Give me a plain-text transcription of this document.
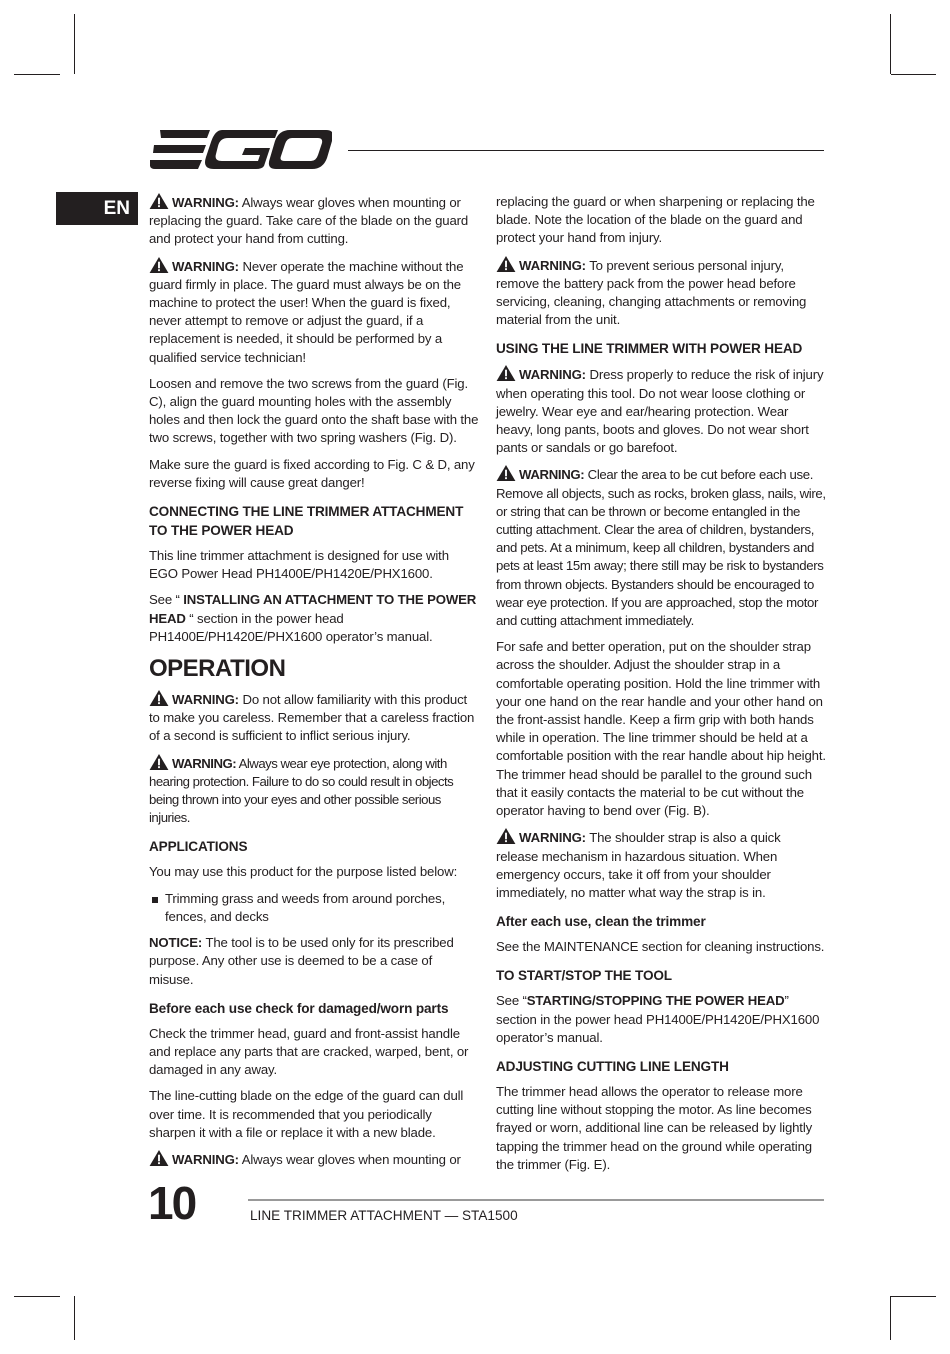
EN	WARNING: Always wear gloves when mounting or replacing the guard. Take care of the blade on the guard and protect your hand from cutting.

WARNING: Never operate the machine without the guard firmly in place. The guard must always be on the machine to protect the user! When the guard is fixed, never attempt to remove or adjust the guard, if a replacement is needed, it should be performed by a qualified service technician!

Loosen and remove the two screws from the guard (Fig. C), align the guard mounting holes with the assembly holes and then lock the guard onto the shaft base with the two screws, together with two spring washers (Fig. D).

Make sure the guard is fixed according to Fig. C & D, any reverse fixing will cause great danger!

CONNECTING THE LINE TRIMMER ATTACHMENT TO THE POWER HEAD

This line trimmer attachment is designed for use with EGO Power Head PH1400E/PH1420E/PHX1600.

See “ INSTALLING AN ATTACHMENT TO THE POWER HEAD “ section in the power head PH1400E/PH1420E/PHX1600 operator’s manual.

OPERATION

WARNING: Do not allow familiarity with this product to make you careless. Remember that a careless fraction of a second is sufficient to inflict serious injury.

WARNING: Always wear eye protection, along with hearing protection. Failure to do so could result in objects being thrown into your eyes and other possible serious injuries.

APPLICATIONS

You may use this product for the purpose listed below:

Trimming grass and weeds from around porches, fences, and decks

NOTICE: The tool is to be used only for its prescribed purpose. Any other use is deemed to be a case of misuse.

Before each use check for damaged/worn parts

Check the trimmer head, guard and front-assist handle and replace any parts that are cracked, warped, bent, or damaged in any away.

The line-cutting blade on the edge of the guard can dull over time. It is recommended that you periodically sharpen it with a file or replace it with a new blade.

WARNING: Always wear gloves when mounting or

replacing the guard or when sharpening or replacing the blade. Note the location of the blade on the guard and protect your hand from injury.

WARNING: To prevent serious personal injury, remove the battery pack from the power head before servicing, cleaning, changing attachments or removing material from the unit.

USING THE LINE TRIMMER WITH POWER HEAD

WARNING: Dress properly to reduce the risk of injury when operating this tool. Do not wear loose clothing or jewelry. Wear eye and ear/hearing protection. Wear heavy, long pants, boots and gloves. Do not wear short pants or sandals or go barefoot.

WARNING: Clear the area to be cut before each use. Remove all objects, such as rocks, broken glass, nails, wire, or string that can be thrown or become entangled in the cutting attachment. Clear the area of children, bystanders, and pets. At a minimum, keep all children, bystanders and pets at least 15m away; there still may be risk to bystanders from thrown objects. Bystanders should be encouraged to wear eye protection. If you are approached, stop the motor and cutting attachment immediately.

For safe and better operation, put on the shoulder strap across the shoulder. Adjust the shoulder strap in a comfortable operating position. Hold the line trimmer with your one hand on the rear handle and your other hand on the front-assist handle. Keep a firm grip with both hands while in operation. The line trimmer should be held at a comfortable position with the rear handle about hip height. The trimmer head should be parallel to the ground such that it easily contacts the material to be cut without the operator having to bend over (Fig. B).

WARNING: The shoulder strap is also a quick release mechanism in hazardous situation. When emergency occurs, take it off from your shoulder immediately, no matter what way the strap is in.

After each use, clean the trimmer

See the MAINTENANCE section for cleaning instructions.

TO START/STOP THE TOOL

See “STARTING/STOPPING THE POWER HEAD” section in the power head PH1400E/PH1420E/PHX1600 operator’s manual.

ADJUSTING CUTTING LINE LENGTH

The trimmer head allows the operator to release more cutting line without stopping the motor. As line becomes frayed or worn, additional line can be released by lightly tapping the trimmer head on the ground while operating the trimmer (Fig. E).

10	LINE TRIMMER ATTACHMENT — STA1500
